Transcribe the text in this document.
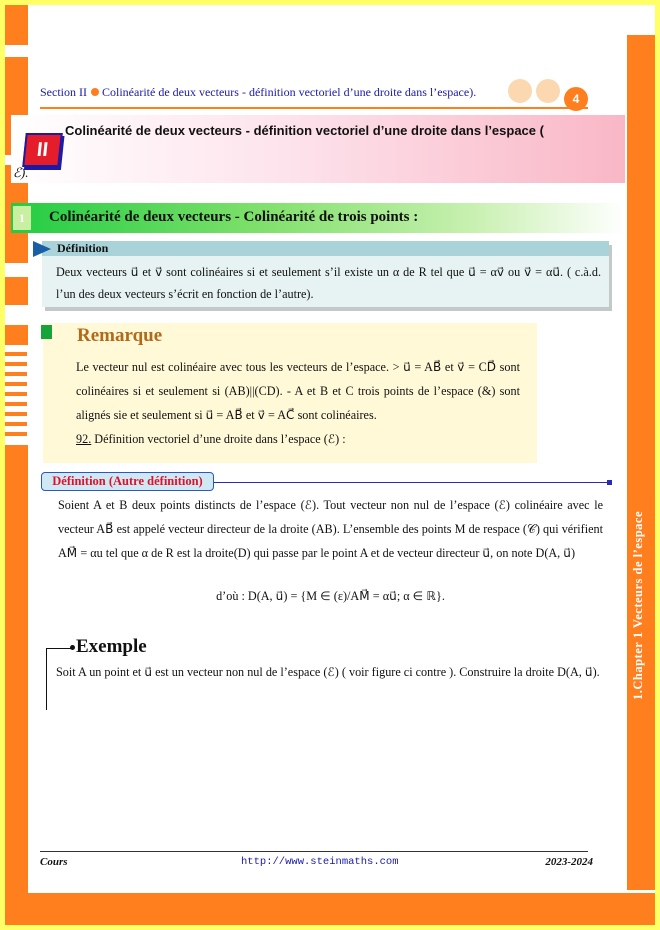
1.Chapter 1 Vecteurs de l’espace
Section II Colinéarité de deux vecteurs - définition vectoriel d’une droite dans l’espace).	4
II
Colinéarité de deux vecteurs - définition vectoriel d’une droite dans l’espace (
ℰ).
1	Colinéarité de deux vecteurs - Colinéarité de trois points :
Définition
Deux vecteurs u⃗ et v⃗ sont colinéaires si et seulement s’il existe un α de R tel que u⃗ = αv⃗ ou v⃗ = αu⃗. ( c.à.d. l’un des deux vecteurs s’écrit en fonction de l’autre).
Remarque
Le vecteur nul est colinéaire avec tous les vecteurs de l’espace. > u⃗ = AB⃗ et v⃗ = CD⃗ sont colinéaires si et seulement si (AB)||(CD). - A et B et C trois points de l’espace (&) sont alignés sie et seulement si u⃗ = AB⃗ et v⃗ = AC⃗ sont colinéaires.
92. Définition vectoriel d’une droite dans l’espace (ℰ) :
Définition (Autre définition)
Soient A et B deux points distincts de l’espace (ℰ). Tout vecteur non nul de l’espace (ℰ) colinéaire avec le vecteur AB⃗ est appelé vecteur directeur de la droite (AB). L’ensemble des points M de respace (𝒞) qui vérifient AM⃗ = αu tel que α de R est la droite(D) qui passe par le point A et de vecteur directeur u⃗, on note D(A, u⃗)
d’où : D(A, u⃗) = {M ∈ (ε)/AM⃗ = αu⃗; α ∈ ℝ}.
Exemple
Soit A un point et u⃗ est un vecteur non nul de l’espace (ℰ) ( voir figure ci contre ). Construire la droite D(A, u⃗).
Cours	http://www.steinmaths.com	2023-2024
